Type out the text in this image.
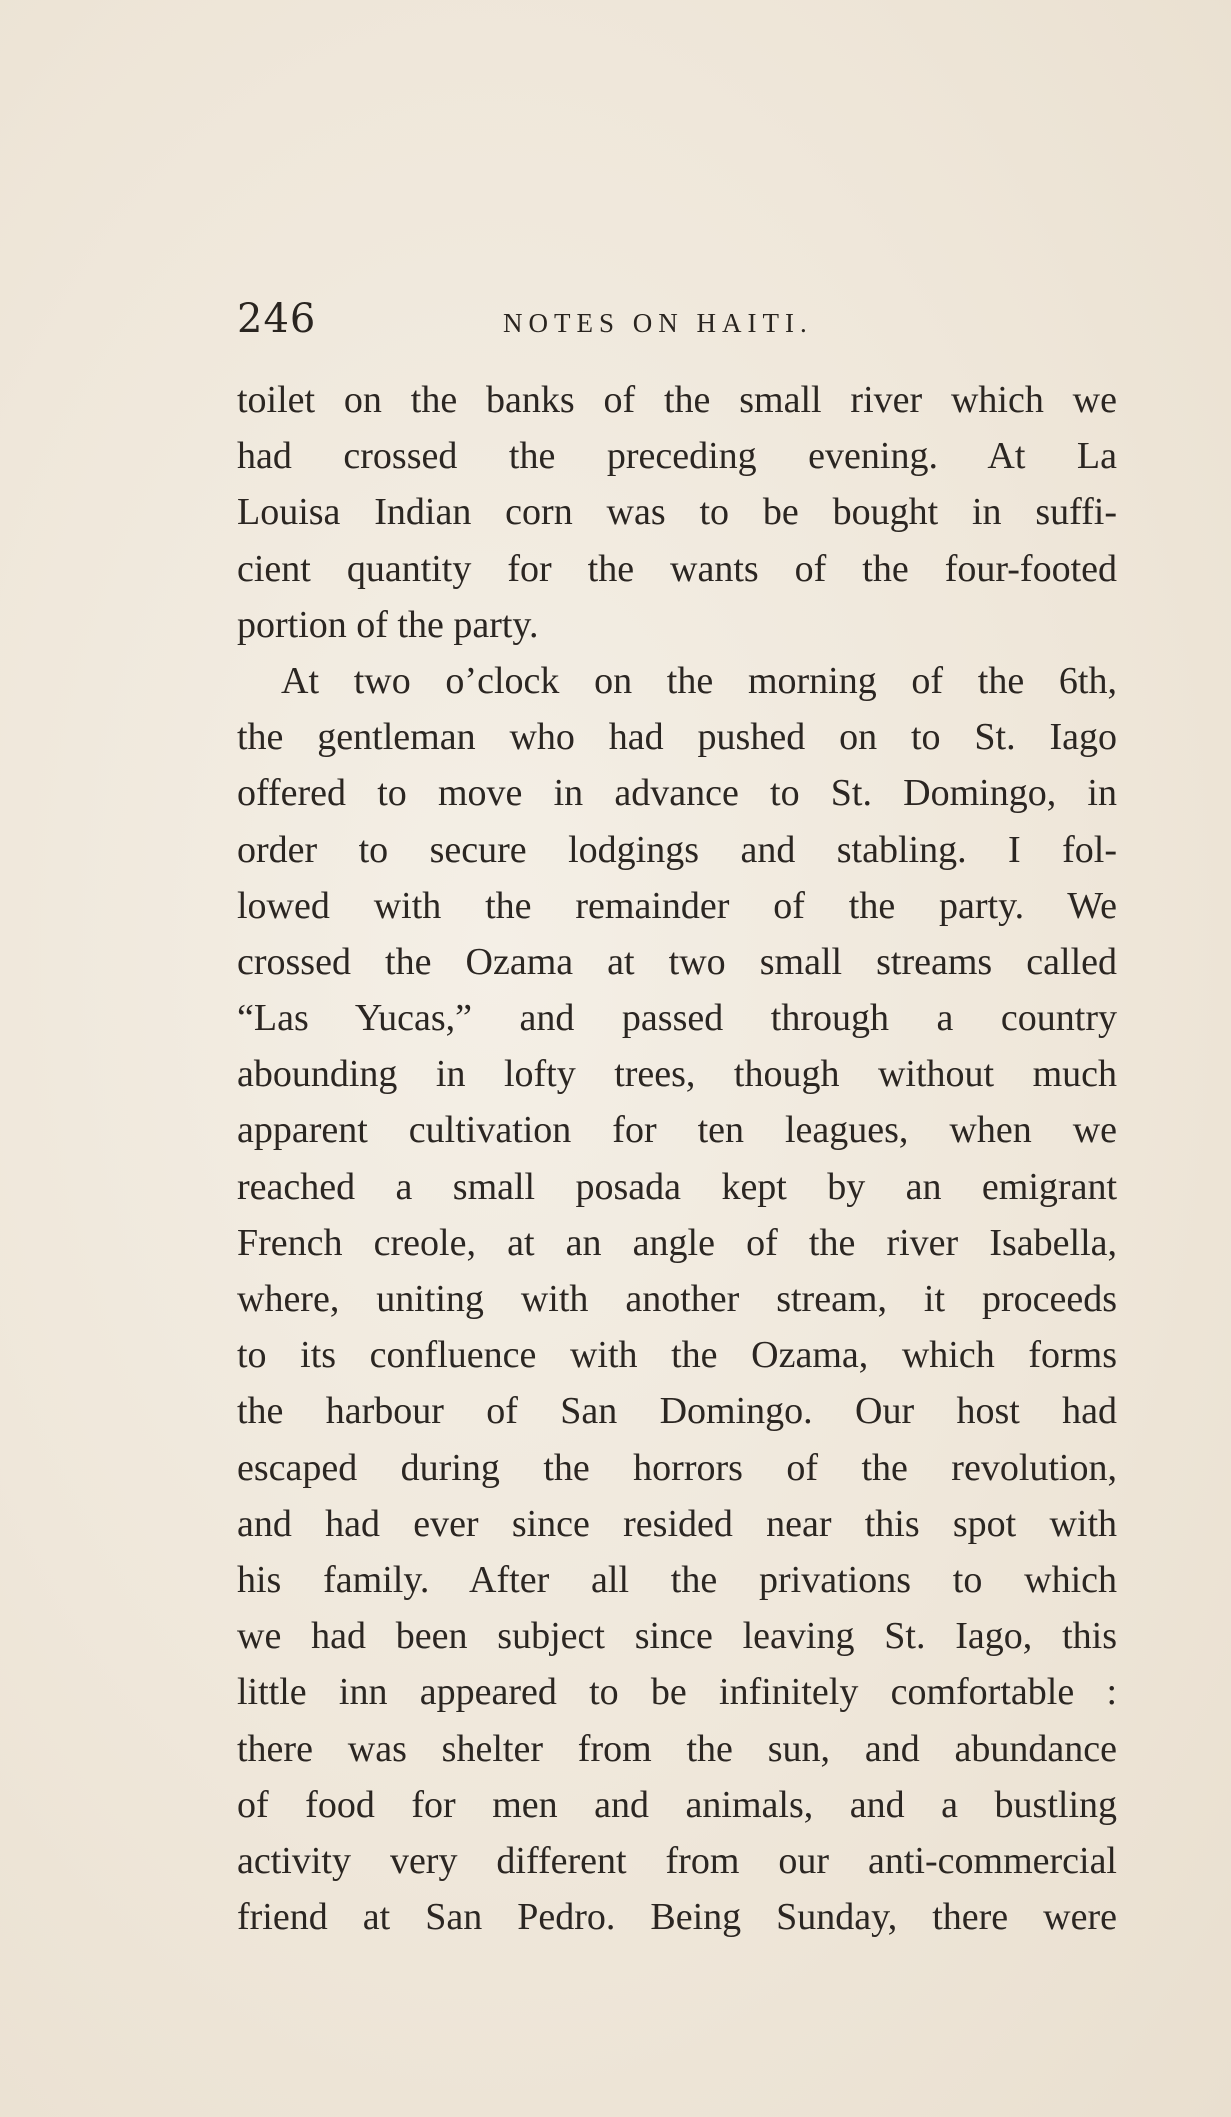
246	NOTES ON HAITI.
toilet on the banks of the small river which we
had crossed the preceding evening. At La
Louisa Indian corn was to be bought in suffi-
cient quantity for the wants of the four-footed
portion of the party.
At two o’clock on the morning of the 6th,
the gentleman who had pushed on to St. Iago
offered to move in advance to St. Domingo, in
order to secure lodgings and stabling. I fol-
lowed with the remainder of the party. We
crossed the Ozama at two small streams called
“Las Yucas,” and passed through a country
abounding in lofty trees, though without much
apparent cultivation for ten leagues, when we
reached a small posada kept by an emigrant
French creole, at an angle of the river Isabella,
where, uniting with another stream, it proceeds
to its confluence with the Ozama, which forms
the harbour of San Domingo. Our host had
escaped during the horrors of the revolution,
and had ever since resided near this spot with
his family. After all the privations to which
we had been subject since leaving St. Iago, this
little inn appeared to be infinitely comfortable :
there was shelter from the sun, and abundance
of food for men and animals, and a bustling
activity very different from our anti-commercial
friend at San Pedro. Being Sunday, there were
